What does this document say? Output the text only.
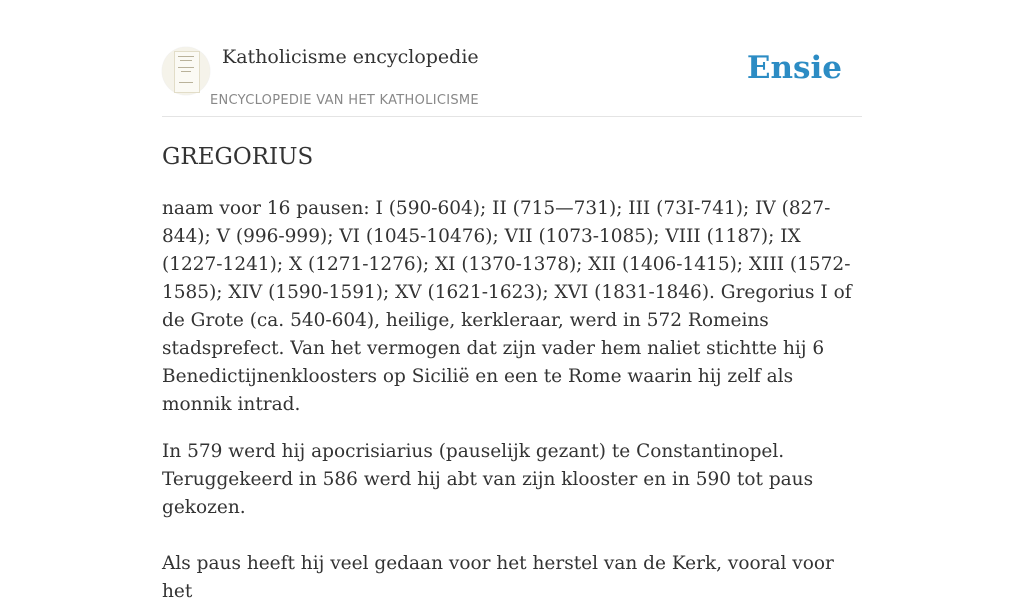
Katholicisme encyclopedie
ENCYCLOPEDIE VAN HET KATHOLICISME
Ensie
GREGORIUS

naam voor 16 pausen: I (590-604); II (715—731); III (73I-741); IV (827-844); V (996-999); VI (1045-10476); VII (1073-1085); VIII (1187); IX (1227-1241); X (1271-1276); XI (1370-1378); XII (1406-1415); XIII (1572-1585); XIV (1590-1591); XV (1621-1623); XVI (1831-1846). Gregorius I of de Grote (ca. 540-604), heilige, kerkleraar, werd in 572 Romeins stadsprefect. Van het vermogen dat zijn vader hem naliet stichtte hij 6 Benedictijnenkloosters op Sicilië en een te Rome waarin hij zelf als monnik intrad.

In 579 werd hij apocrisiarius (pauselijk gezant) te Constantinopel. Teruggekeerd in 586 werd hij abt van zijn klooster en in 590 tot paus gekozen.

Als paus heeft hij veel gedaan voor het herstel van de Kerk, vooral voor het
